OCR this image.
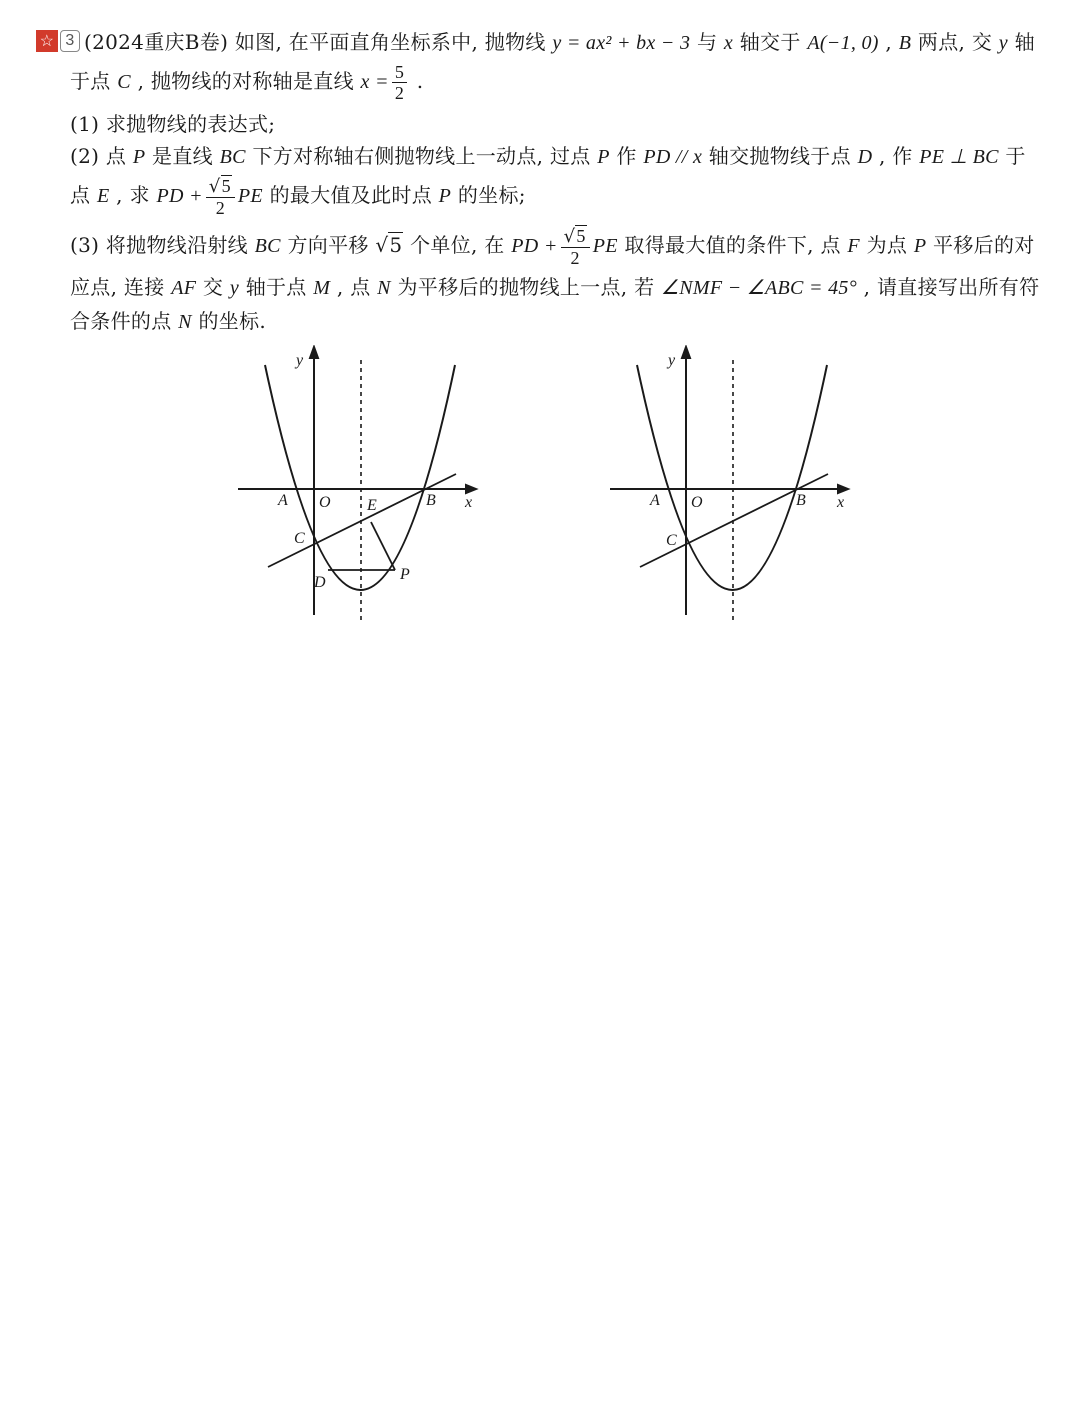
☆ 3 (2024重庆B卷) 如图, 在平面直角坐标系中, 抛物线 y = ax² + bx − 3 与 x 轴交于 A(−1, 0) , B 两点, 交 y 轴
于点 C , 抛物线的对称轴是直线 $x = \frac{5}{2}$ .
(1) 求抛物线的表达式;
(2) 点 P 是直线 BC 下方对称轴右侧抛物线上一动点, 过点 P 作 PD // x 轴交抛物线于点 D , 作 PE ⊥ BC 于
点 E , 求 PD + $\frac{√5}{2}$ PE 的最大值及此时点 P 的坐标;
(3) 将抛物线沿射线 BC 方向平移 √5 个单位, 在 PD + $\frac{√5}{2}$ PE 取得最大值的条件下, 点 F 为点 P 平移后的对
应点, 连接 AF 交 y 轴于点 M , 点 N 为平移后的抛物线上一点, 若 ∠NMF − ∠ABC = 45° , 请直接写出所有符
合条件的点 N 的坐标.
y
x
A O E	B
C
D	P
y
x
A O	B
C
